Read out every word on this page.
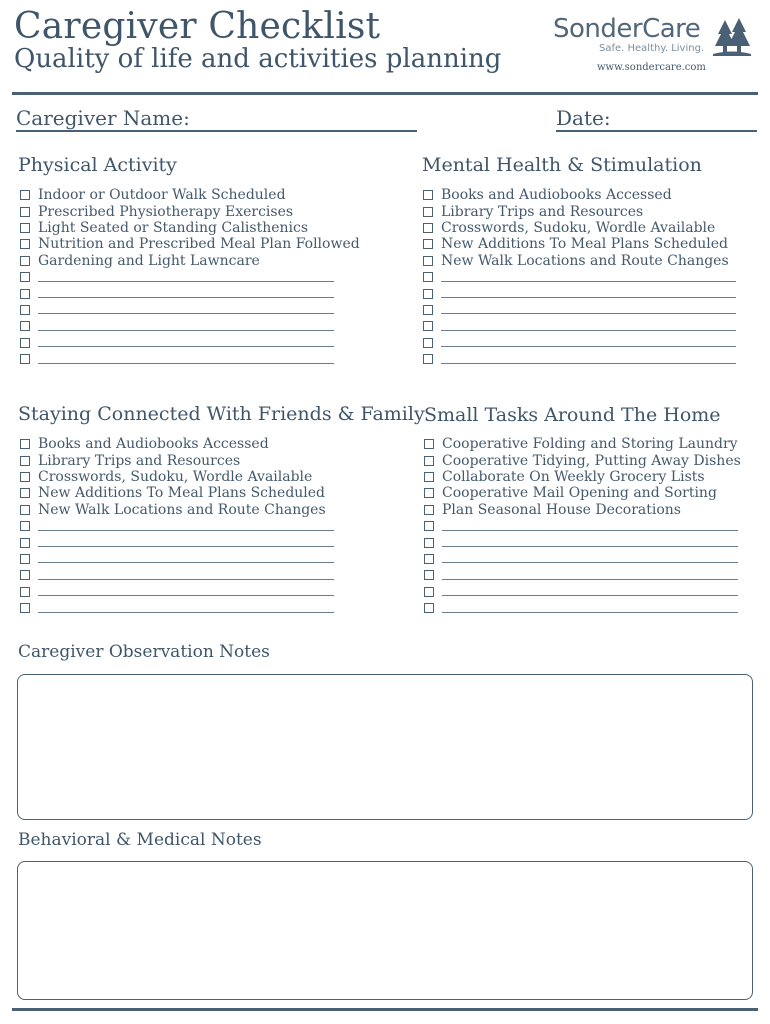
Caregiver Checklist
Quality of life and activities planning
SonderCare
Safe. Healthy. Living.
www.sondercare.com
Caregiver Name:	Date:
Physical Activity
Indoor or Outdoor Walk Scheduled
Prescribed Physiotherapy Exercises
Light Seated or Standing Calisthenics
Nutrition and Prescribed Meal Plan Followed
Gardening and Light Lawncare
Mental Health & Stimulation
Books and Audiobooks Accessed
Library Trips and Resources
Crosswords, Sudoku, Wordle Available
New Additions To Meal Plans Scheduled
New Walk Locations and Route Changes
Staying Connected With Friends & Family
Books and Audiobooks Accessed
Library Trips and Resources
Crosswords, Sudoku, Wordle Available
New Additions To Meal Plans Scheduled
New Walk Locations and Route Changes
Small Tasks Around The Home
Cooperative Folding and Storing Laundry
Cooperative Tidying, Putting Away Dishes
Collaborate On Weekly Grocery Lists
Cooperative Mail Opening and Sorting
Plan Seasonal House Decorations
Caregiver Observation Notes
Behavioral & Medical Notes
